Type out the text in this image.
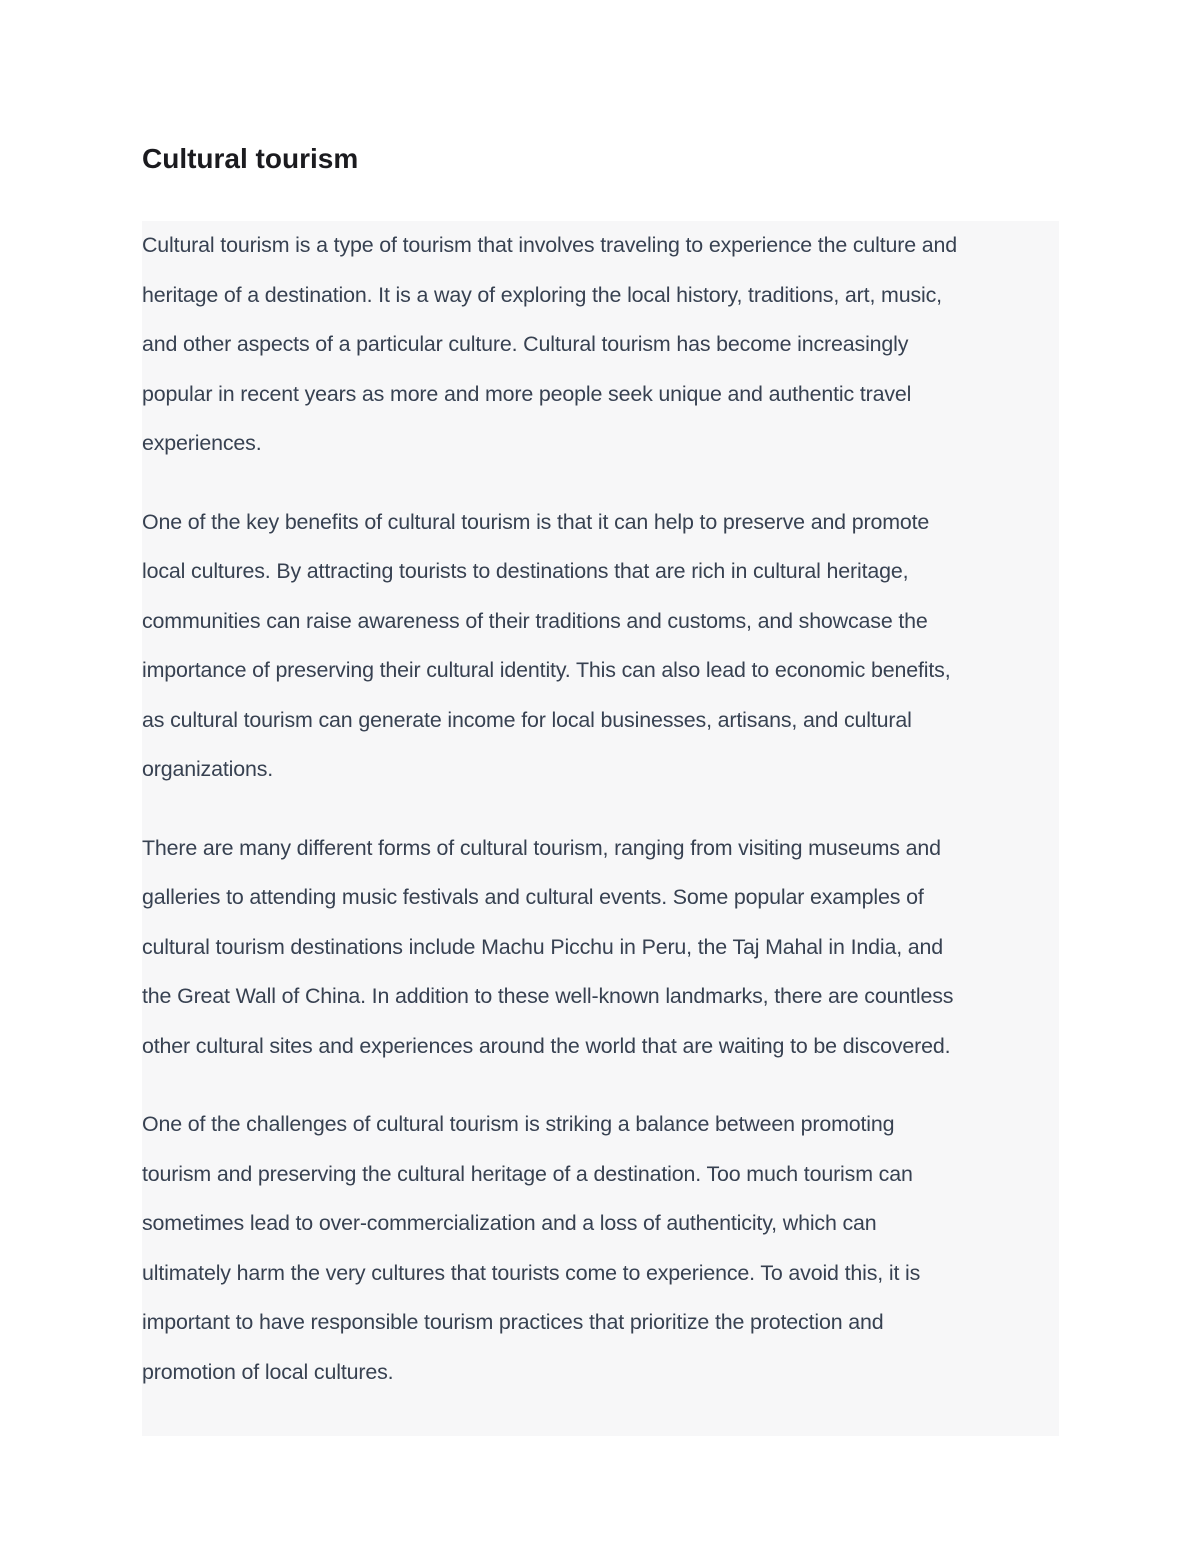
Cultural tourism

Cultural tourism is a type of tourism that involves traveling to experience the culture and
heritage of a destination. It is a way of exploring the local history, traditions, art, music,
and other aspects of a particular culture. Cultural tourism has become increasingly
popular in recent years as more and more people seek unique and authentic travel
experiences.

One of the key benefits of cultural tourism is that it can help to preserve and promote
local cultures. By attracting tourists to destinations that are rich in cultural heritage,
communities can raise awareness of their traditions and customs, and showcase the
importance of preserving their cultural identity. This can also lead to economic benefits,
as cultural tourism can generate income for local businesses, artisans, and cultural
organizations.

There are many different forms of cultural tourism, ranging from visiting museums and
galleries to attending music festivals and cultural events. Some popular examples of
cultural tourism destinations include Machu Picchu in Peru, the Taj Mahal in India, and
the Great Wall of China. In addition to these well-known landmarks, there are countless
other cultural sites and experiences around the world that are waiting to be discovered.

One of the challenges of cultural tourism is striking a balance between promoting
tourism and preserving the cultural heritage of a destination. Too much tourism can
sometimes lead to over-commercialization and a loss of authenticity, which can
ultimately harm the very cultures that tourists come to experience. To avoid this, it is
important to have responsible tourism practices that prioritize the protection and
promotion of local cultures.
